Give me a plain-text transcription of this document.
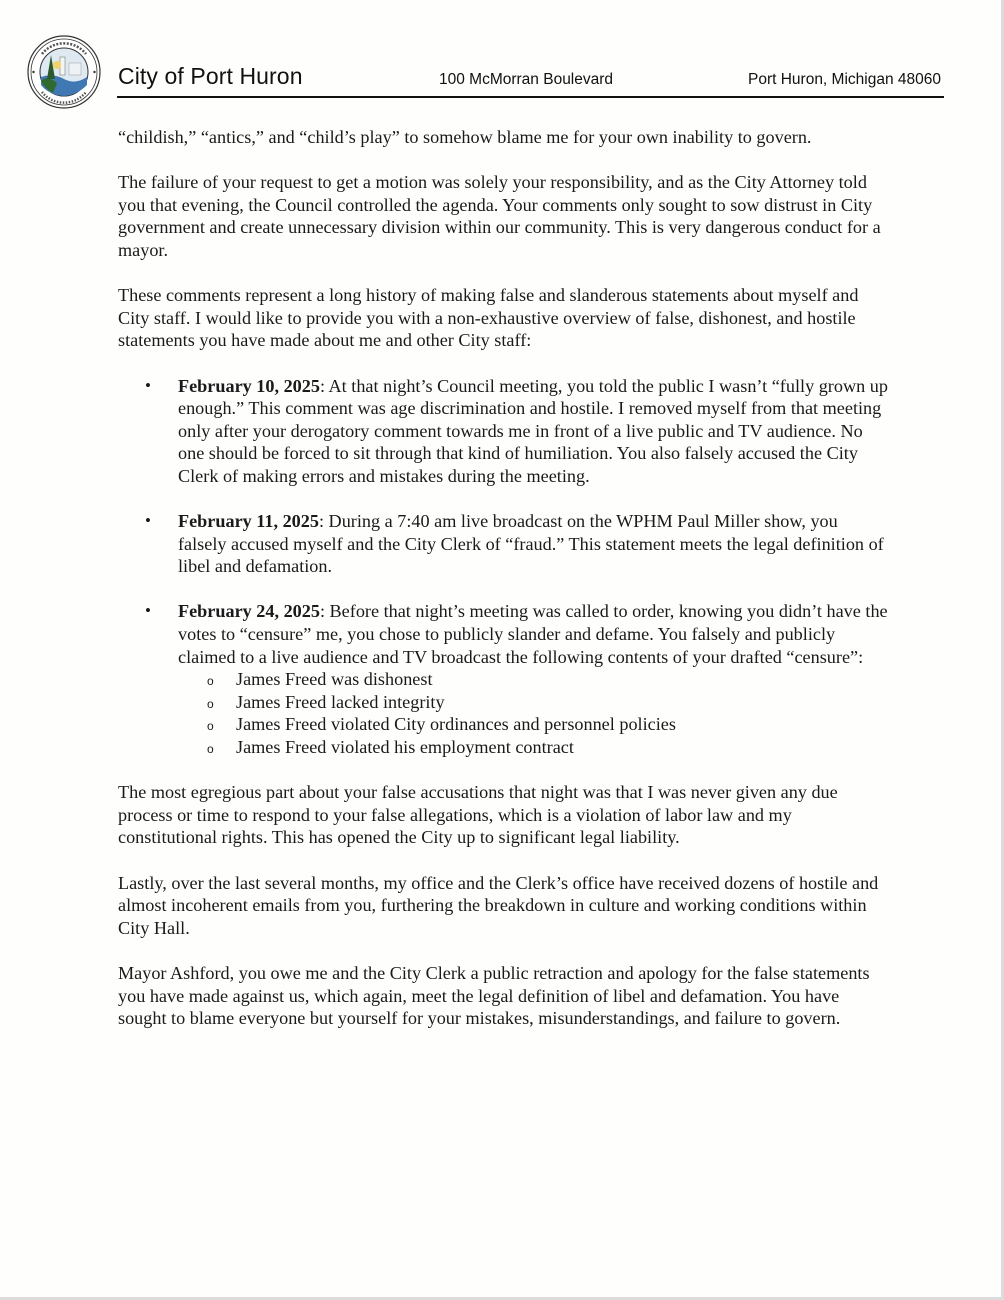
City of Port Huron	100 McMorran Boulevard	Port Huron, Michigan 48060

“childish,” “antics,” and “child’s play” to somehow blame me for your own inability to govern.

The failure of your request to get a motion was solely your responsibility, and as the City Attorney told you that evening, the Council controlled the agenda. Your comments only sought to sow distrust in City government and create unnecessary division within our community. This is very dangerous conduct for a mayor.

These comments represent a long history of making false and slanderous statements about myself and City staff. I would like to provide you with a non-exhaustive overview of false, dishonest, and hostile statements you have made about me and other City staff:

• February 10, 2025: At that night’s Council meeting, you told the public I wasn’t “fully grown up enough.” This comment was age discrimination and hostile. I removed myself from that meeting only after your derogatory comment towards me in front of a live public and TV audience. No one should be forced to sit through that kind of humiliation. You also falsely accused the City Clerk of making errors and mistakes during the meeting.
• February 11, 2025: During a 7:40 am live broadcast on the WPHM Paul Miller show, you falsely accused myself and the City Clerk of “fraud.” This statement meets the legal definition of libel and defamation.
• February 24, 2025: Before that night’s meeting was called to order, knowing you didn’t have the votes to “censure” me, you chose to publicly slander and defame. You falsely and publicly claimed to a live audience and TV broadcast the following contents of your drafted “censure”:
o James Freed was dishonest
o James Freed lacked integrity
o James Freed violated City ordinances and personnel policies
o James Freed violated his employment contract

The most egregious part about your false accusations that night was that I was never given any due process or time to respond to your false allegations, which is a violation of labor law and my constitutional rights. This has opened the City up to significant legal liability.

Lastly, over the last several months, my office and the Clerk’s office have received dozens of hostile and almost incoherent emails from you, furthering the breakdown in culture and working conditions within City Hall.

Mayor Ashford, you owe me and the City Clerk a public retraction and apology for the false statements you have made against us, which again, meet the legal definition of libel and defamation. You have sought to blame everyone but yourself for your mistakes, misunderstandings, and failure to govern.
